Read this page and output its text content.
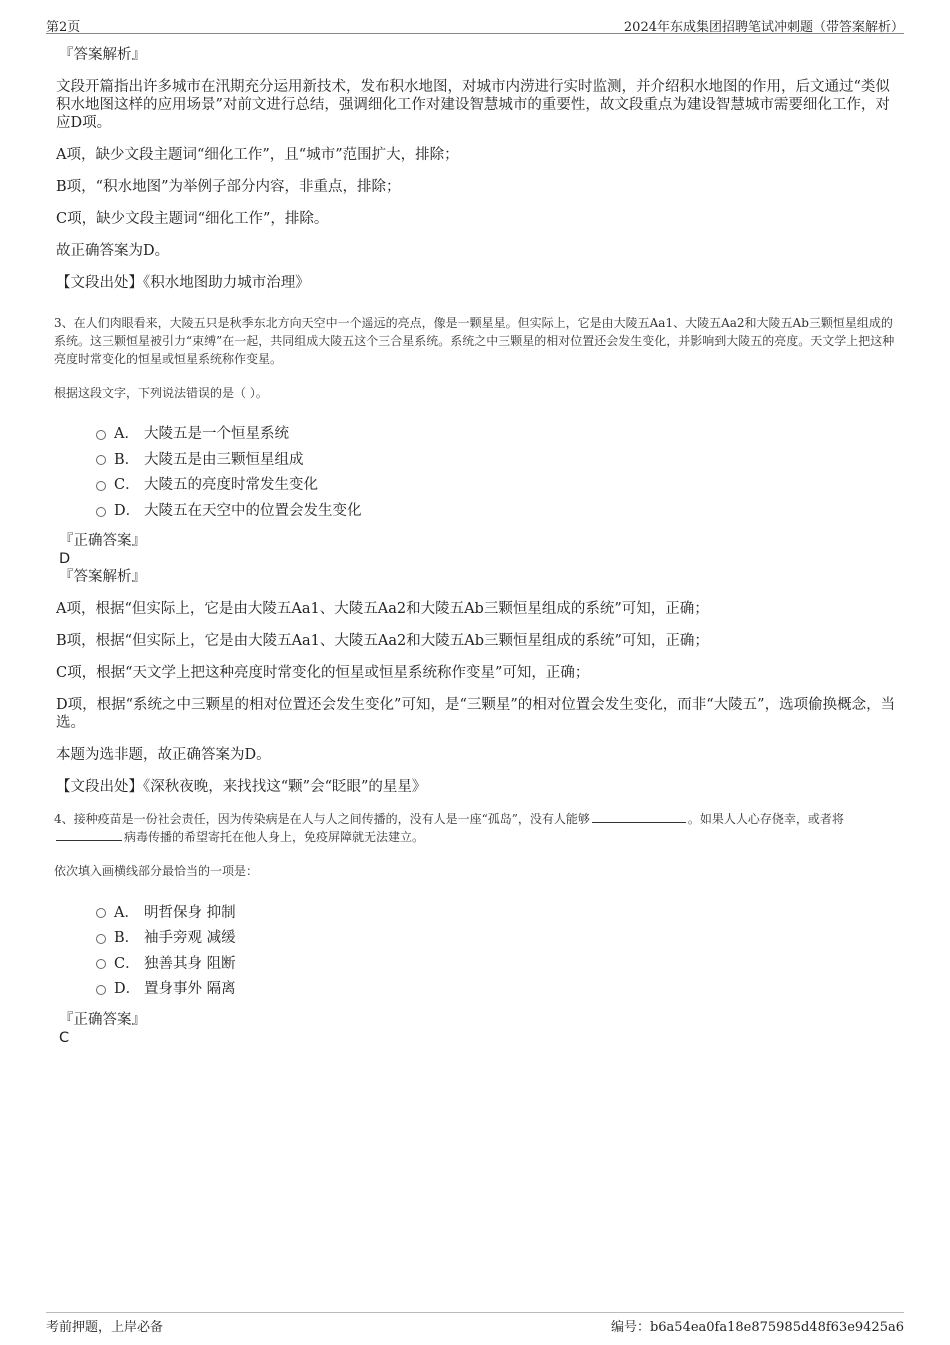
第2页	2024年东成集团招聘笔试冲刺题（带答案解析）
『答案解析』
文段开篇指出许多城市在汛期充分运用新技术，发布积水地图，对城市内涝进行实时监测，并介绍积水地图的作用，后文通过“类似积水地图这样的应用场景”对前文进行总结，强调细化工作对建设智慧城市的重要性，故文段重点为建设智慧城市需要细化工作，对应D项。
A项，缺少文段主题词“细化工作”，且“城市”范围扩大，排除；
B项，“积水地图”为举例子部分内容，非重点，排除；
C项，缺少文段主题词“细化工作”，排除。
故正确答案为D。
【文段出处】《积水地图助力城市治理》
3、在人们肉眼看来，大陵五只是秋季东北方向天空中一个遥远的亮点，像是一颗星星。但实际上，它是由大陵五Aa1、大陵五Aa2和大陵五Ab三颗恒星组成的系统。这三颗恒星被引力“束缚”在一起，共同组成大陵五这个三合星系统。系统之中三颗星的相对位置还会发生变化，并影响到大陵五的亮度。天文学上把这种亮度时常变化的恒星或恒星系统称作变星。
根据这段文字，下列说法错误的是（ ）。
A． 大陵五是一个恒星系统
B． 大陵五是由三颗恒星组成
C． 大陵五的亮度时常发生变化
D． 大陵五在天空中的位置会发生变化
『正确答案』
D
『答案解析』
A项，根据“但实际上，它是由大陵五Aa1、大陵五Aa2和大陵五Ab三颗恒星组成的系统”可知，正确；
B项，根据“但实际上，它是由大陵五Aa1、大陵五Aa2和大陵五Ab三颗恒星组成的系统”可知，正确；
C项，根据“天文学上把这种亮度时常变化的恒星或恒星系统称作变星”可知，正确；
D项，根据“系统之中三颗星的相对位置还会发生变化”可知，是“三颗星”的相对位置会发生变化，而非“大陵五”，选项偷换概念，当选。
本题为选非题，故正确答案为D。
【文段出处】《深秋夜晚，来找找这“颗”会“眨眼”的星星》
4、接种疫苗是一份社会责任，因为传染病是在人与人之间传播的，没有人是一座“孤岛”，没有人能够	。如果人人心存侥幸，或者将病毒传播的希望寄托在他人身上，免疫屏障就无法建立。
依次填入画横线部分最恰当的一项是：
A． 明哲保身 抑制
B． 袖手旁观 减缓
C． 独善其身 阻断
D． 置身事外 隔离
『正确答案』
C
考前押题，上岸必备	编号：b6a54ea0fa18e875985d48f63e9425a6
